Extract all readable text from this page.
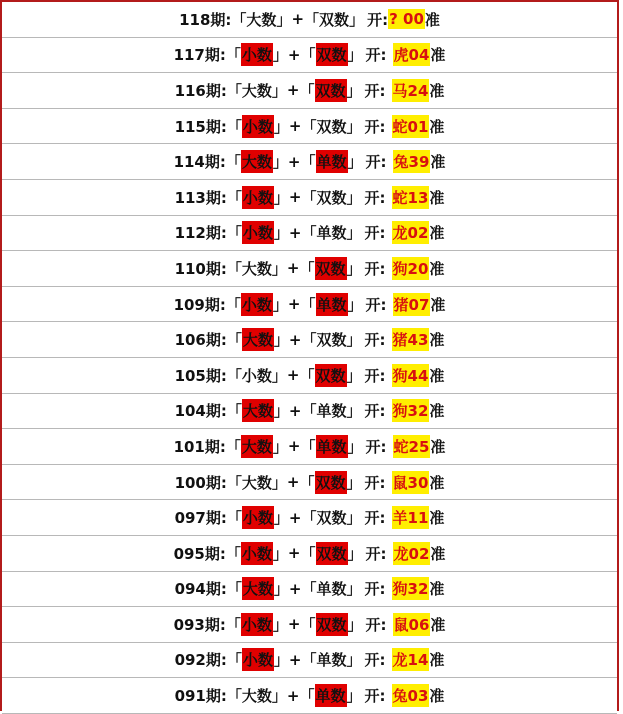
118期: 「 大数 」 + 「 双数 」 开: ? 00 准
117期: 「 小数 」 + 「 双数 」 开: 虎04 准
116期: 「 大数 」 + 「 双数 」 开: 马24 准
115期: 「 小数 」 + 「 双数 」 开: 蛇01 准
114期: 「 大数 」 + 「 单数 」 开: 兔39 准
113期: 「 小数 」 + 「 双数 」 开: 蛇13 准
112期: 「 小数 」 + 「 单数 」 开: 龙02 准
110期: 「 大数 」 + 「 双数 」 开: 狗20 准
109期: 「 小数 」 + 「 单数 」 开: 猪07 准
106期: 「 大数 」 + 「 双数 」 开: 猪43 准
105期: 「 小数 」 + 「 双数 」 开: 狗44 准
104期: 「 大数 」 + 「 单数 」 开: 狗32 准
101期: 「 大数 」 + 「 单数 」 开: 蛇25 准
100期: 「 大数 」 + 「 双数 」 开: 鼠30 准
097期: 「 小数 」 + 「 双数 」 开: 羊11 准
095期: 「 小数 」 + 「 双数 」 开: 龙02 准
094期: 「 大数 」 + 「 单数 」 开: 狗32 准
093期: 「 小数 」 + 「 双数 」 开: 鼠06 准
092期: 「 小数 」 + 「 单数 」 开: 龙14 准
091期: 「 大数 」 + 「 单数 」 开: 兔03 准
